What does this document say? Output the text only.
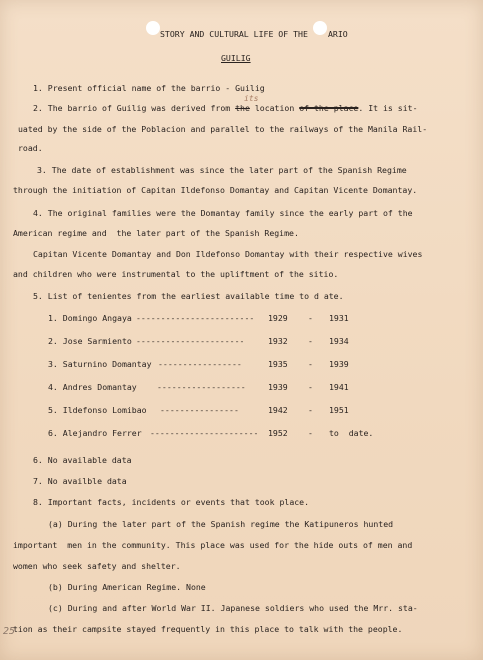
STORY AND CULTURAL LIFE OF THE ARIO
GUILIG
1. Present official name of the barrio - Guilig
2. The barrio of Guilig was derived from the location of the place. It is sit-
its
uated by the side of the Poblacion and parallel to the railways of the Manila Rail-
road.
3. The date of establishment was since the later part of the Spanish Regime
through the initiation of Capitan Ildefonso Domantay and Capitan Vicente Domantay.
4. The original families were the Domantay family since the early part of the
American regime and  the later part of the Spanish Regime.
Capitan Vicente Domantay and Don Ildefonso Domantay with their respective wives
and children who were instrumental to the upliftment of the sitio.
5. List of tenientes from the earliest available time to d ate.
1. Domingo Angaya ------------------------ 1929 - 1931
2. Jose Sarmiento ----------------------	1932 - 1934
3. Saturnino Domantay -----------------	1935 - 1939
4. Andres Domantay ------------------	1939 - 1941
5. Ildefonso Lomibao ----------------	1942 - 1951
6. Alejandro Ferrer ---------------------- 1952 - to  date.
6. No available data
7. No availble data
8. Important facts, incidents or events that took place.
(a) During the later part of the Spanish regime the Katipuneros hunted
important  men in the community. This place was used for the hide outs of men and
women who seek safety and shelter.
(b) During American Regime. None
(c) During and after World War II. Japanese soldiers who used the Mrr. sta-
tion as their campsite stayed frequently in this place to talk with the people.
25
